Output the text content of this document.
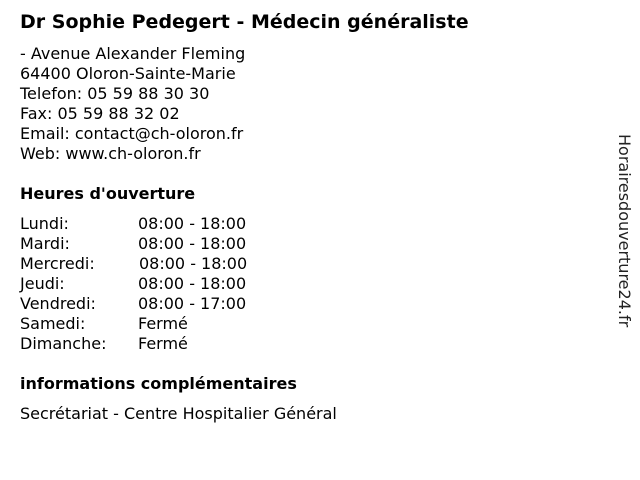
Dr Sophie Pedegert - Médecin généraliste
- Avenue Alexander Fleming
64400 Oloron-Sainte-Marie
Telefon: 05 59 88 30 30
Fax: 05 59 88 32 02
Email: contact@ch-oloron.fr
Web: www.ch-oloron.fr
Heures d'ouverture
Lundi:	08:00 - 18:00
Mardi:	08:00 - 18:00
Mercredi:	08:00 - 18:00
Jeudi:	08:00 - 18:00
Vendredi:	08:00 - 17:00
Samedi:	Fermé
Dimanche: Fermé
informations complémentaires
Secrétariat - Centre Hospitalier Général
Horairesdouverture24.fr
